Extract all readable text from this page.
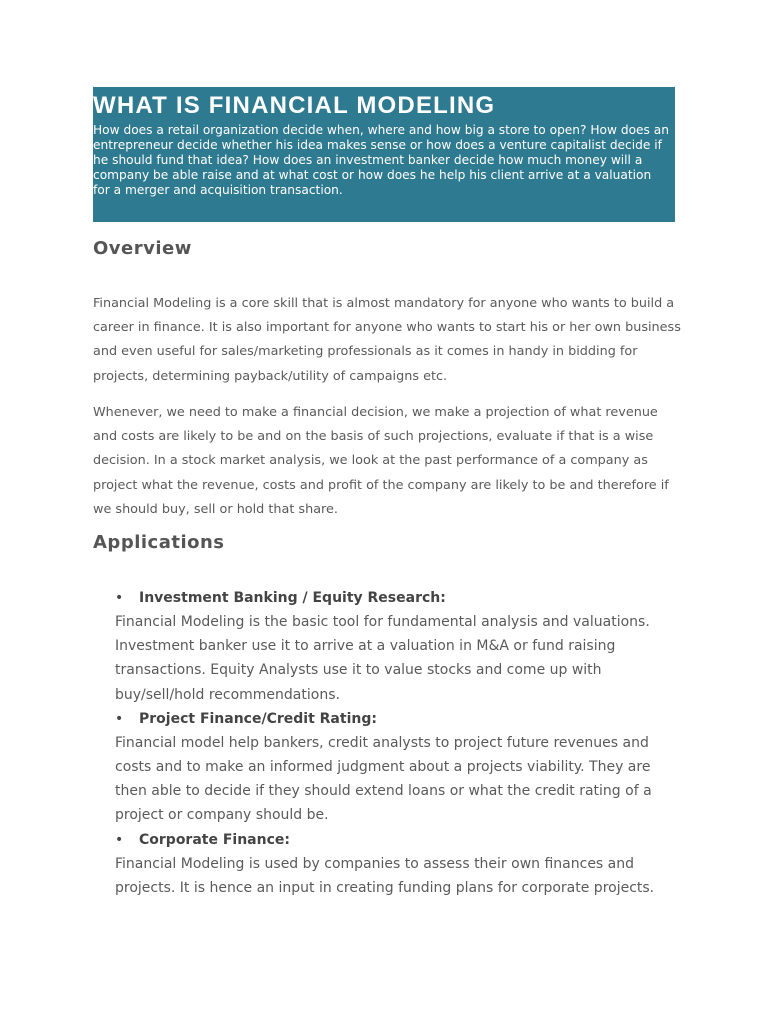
WHAT IS FINANCIAL MODELING

How does a retail organization decide when, where and how big a store to open? How does an entrepreneur decide whether his idea makes sense or how does a venture capitalist decide if he should fund that idea? How does an investment banker decide how much money will a company be able raise and at what cost or how does he help his client arrive at a valuation for a merger and acquisition transaction.

Overview

Financial Modeling is a core skill that is almost mandatory for anyone who wants to build a career in finance. It is also important for anyone who wants to start his or her own business and even useful for sales/marketing professionals as it comes in handy in bidding for projects, determining payback/utility of campaigns etc.

Whenever, we need to make a financial decision, we make a projection of what revenue and costs are likely to be and on the basis of such projections, evaluate if that is a wise decision. In a stock market analysis, we look at the past performance of a company as project what the revenue, costs and profit of the company are likely to be and therefore if we should buy, sell or hold that share.

Applications
• Investment Banking / Equity Research:
Financial Modeling is the basic tool for fundamental analysis and valuations. Investment banker use it to arrive at a valuation in M&A or fund raising transactions. Equity Analysts use it to value stocks and come up with buy/sell/hold recommendations.
• Project Finance/Credit Rating:
Financial model help bankers, credit analysts to project future revenues and costs and to make an informed judgment about a projects viability. They are then able to decide if they should extend loans or what the credit rating of a project or company should be.
• Corporate Finance:
Financial Modeling is used by companies to assess their own finances and projects. It is hence an input in creating funding plans for corporate projects.
